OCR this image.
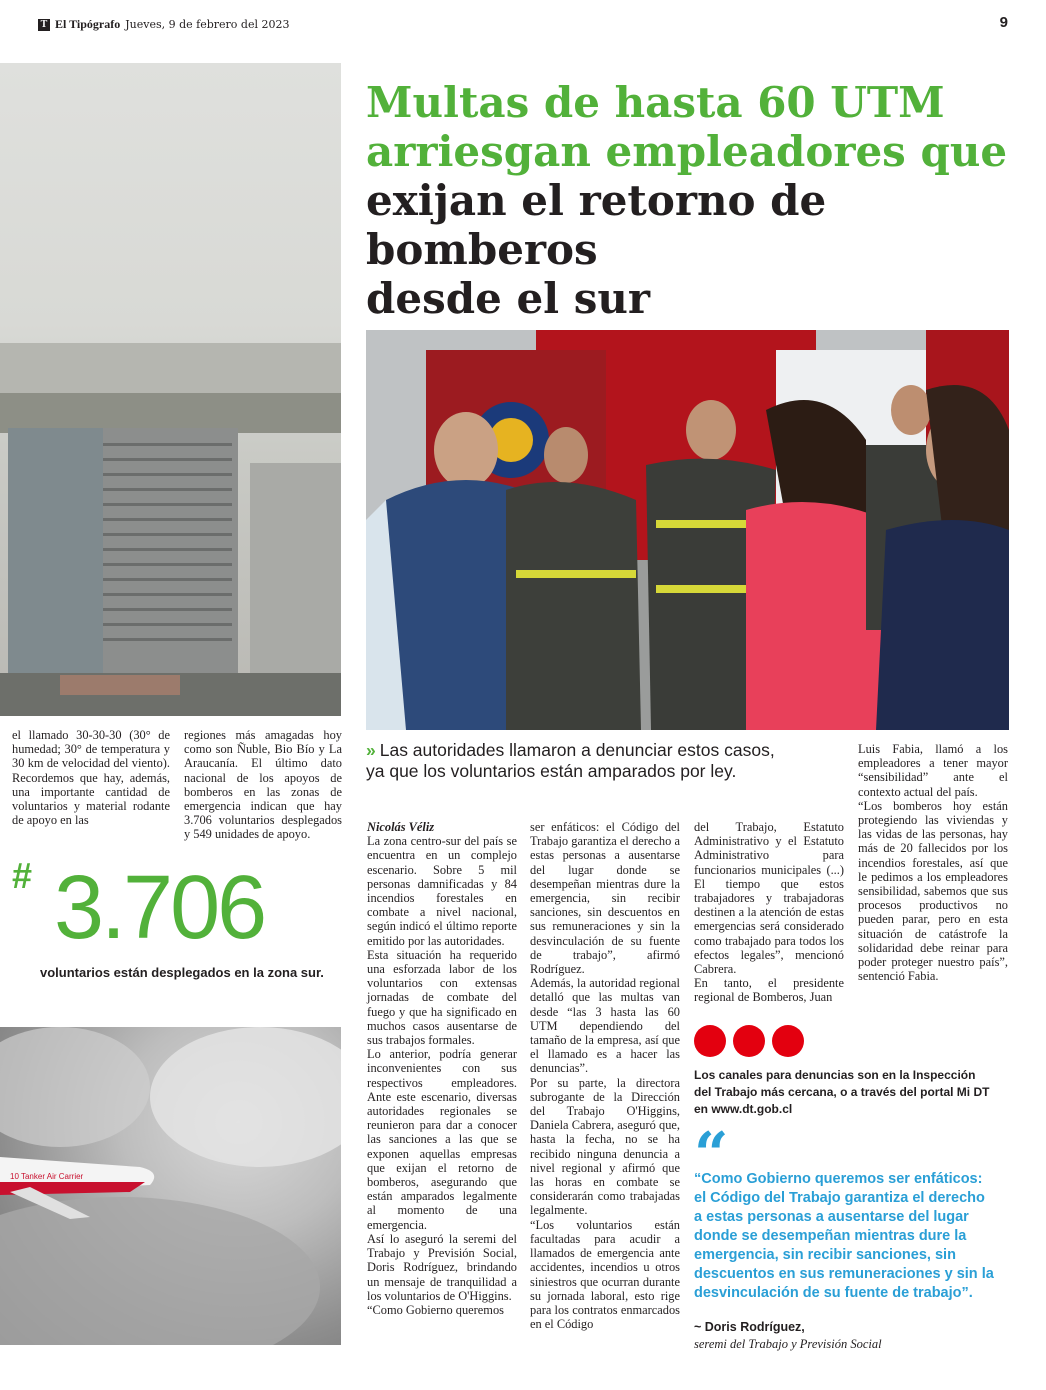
T El Tipógrafo Jueves, 9 de febrero del 2023	9
Multas de hasta 60 UTM
arriesgan empleadores que
exijan el retorno de bomberos
desde el sur
» Las autoridades llamaron a denunciar estos casos, ya que los voluntarios están amparados por ley.

el llamado 30-30-30 (30° de humedad; 30° de temperatura y 30 km de velocidad del viento). Recordemos que hay, además, una importante cantidad de voluntarios y material rodante de apoyo en las

regiones más amagadas hoy como son Ñuble, Bio Bío y La Araucanía. El último dato nacional de los apoyos de bomberos en las zonas de emergencia indican que hay 3.706 voluntarios desplegados y 549 unidades de apoyo.

# 3.706
voluntarios están desplegados en la zona sur.
10 Tanker Air Carrier

Nicolás Véliz

La zona centro-sur del país se encuentra en un complejo escenario. Sobre 5 mil personas damnificadas y 84 incendios forestales en combate a nivel nacional, según indicó el último reporte emitido por las autoridades.

Esta situación ha requerido una esforzada labor de los voluntarios con extensas jornadas de combate del fuego y que ha significado en muchos casos ausentarse de sus trabajos formales.

Lo anterior, podría generar inconvenientes con sus respectivos empleadores. Ante este escenario, diversas autoridades regionales se reunieron para dar a conocer las sanciones a las que se exponen aquellas empresas que exijan el retorno de bomberos, asegurando que están amparados legalmente al momento de una emergencia.

Así lo aseguró la seremi del Trabajo y Previsión Social, Doris Rodríguez, brindando un mensaje de tranquilidad a los voluntarios de O'Higgins.

“Como Gobierno queremos

ser enfáticos: el Código del Trabajo garantiza el derecho a estas personas a ausentarse del lugar donde se desempeñan mientras dure la emergencia, sin recibir sanciones, sin descuentos en sus remuneraciones y sin la desvinculación de su fuente de trabajo”, afirmó Rodríguez.

Además, la autoridad regional detalló que las multas van desde “las 3 hasta las 60 UTM dependiendo del tamaño de la empresa, así que el llamado es a hacer las denuncias”.

Por su parte, la directora subrogante de la Dirección del Trabajo O'Higgins, Daniela Cabrera, aseguró que, hasta la fecha, no se ha recibido ninguna denuncia a nivel regional y afirmó que las horas en combate se considerarán como trabajadas legalmente.

“Los voluntarios están facultadas para acudir a llamados de emergencia ante accidentes, incendios u otros siniestros que ocurran durante su jornada laboral, esto rige para los contratos enmarcados en el Código

del Trabajo, Estatuto Administrativo y el Estatuto Administrativo para funcionarios municipales (...) El tiempo que estos trabajadores y trabajadoras destinen a la atención de estas emergencias será considerado como trabajado para todos los efectos legales”, mencionó Cabrera.

En tanto, el presidente regional de Bomberos, Juan

Luis Fabia, llamó a los empleadores a tener mayor “sensibilidad” ante el contexto actual del país.

“Los bomberos hoy están protegiendo las viviendas y las vidas de las personas, hay más de 20 fallecidos por los incendios forestales, así que le pedimos a los empleadores sensibilidad, sabemos que sus procesos productivos no pueden parar, pero en esta situación de catástrofe la solidaridad debe reinar para poder proteger nuestro país”, sentenció Fabia.

Los canales para denuncias son en la Inspección del Trabajo más cercana, o a través del portal Mi DT en www.dt.gob.cl
“
“Como Gobierno queremos ser enfáticos: el Código del Trabajo garantiza el derecho a estas personas a ausentarse del lugar donde se desempeñan mientras dure la emergencia, sin recibir sanciones, sin descuentos en sus remuneraciones y sin la desvinculación de su fuente de trabajo”.
~ Doris Rodríguez,
seremi del Trabajo y Previsión Social
